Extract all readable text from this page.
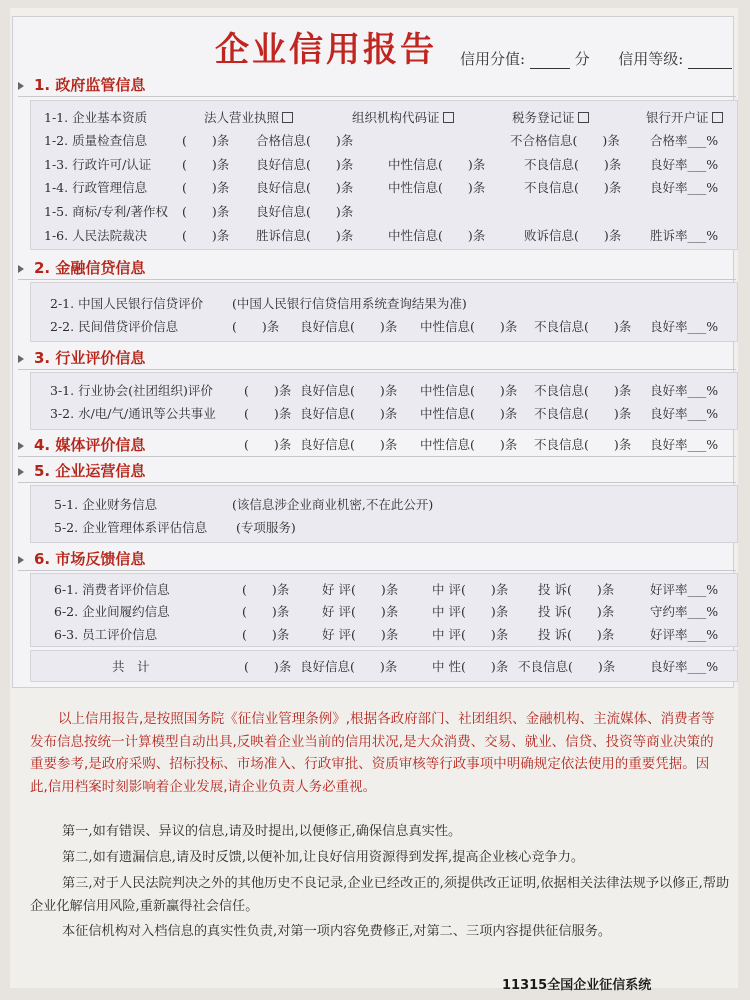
企业信用报告 信用分值:	分 信用等级:
1. 政府监管信息
1-1. 企业基本资质	法人营业执照	组织机构代码证	税务登记证	银行开户证
1-2. 质量检查信息	(　　)条 合格信息(　　)条	不合格信息(　　)条 合格率___%
1-3. 行政许可/认证 (　　)条 良好信息(　　)条	中性信息(　　)条	不良信息(　　)条 良好率___%
1-4. 行政管理信息	(　　)条 良好信息(　　)条	中性信息(　　)条	不良信息(　　)条 良好率___%
1-5. 商标/专利/著作权 (　　)条 良好信息(　　)条
1-6. 人民法院裁决	(　　)条 胜诉信息(　　)条	中性信息(　　)条	败诉信息(　　)条 胜诉率___%
2. 金融信贷信息
2-1. 中国人民银行信贷评价 (中国人民银行信贷信用系统查询结果为准)
2-2. 民间借贷评价信息	(　　)条 良好信息(　　)条 中性信息(　　)条 不良信息(　　)条 良好率___%
3. 行业评价信息
3-1. 行业协会(社团组织)评价 (　　)条 良好信息(　　)条 中性信息(　　)条 不良信息(　　)条 良好率___%
3-2. 水/电/气/通讯等公共事业 (　　)条 良好信息(　　)条 中性信息(　　)条 不良信息(　　)条 良好率___%
4. 媒体评价信息	(　　)条 良好信息(　　)条 中性信息(　　)条 不良信息(　　)条 良好率___%
5. 企业运营信息
5-1. 企业财务信息	(该信息涉企业商业机密,不在此公开)
5-2. 企业管理体系评估信息 (专项服务)
6. 市场反馈信息
6-1. 消费者评价信息	(　　)条	好 评(　　)条	中 评(　　)条 投 诉(　　)条	好评率___%
6-2. 企业间履约信息	(　　)条	好 评(　　)条	中 评(　　)条 投 诉(　　)条	守约率___%
6-3. 员工评价信息	(　　)条	好 评(　　)条	中 评(　　)条 投 诉(　　)条	好评率___%
共　计	(　　)条 良好信息(　　)条	中 性(　　)条 不良信息(　　)条	良好率___%
以上信用报告,是按照国务院《征信业管理条例》,根据各政府部门、社团组织、金融机构、主流媒体、消费者等发布信息按统一计算模型自动出具,反映着企业当前的信用状况,是大众消费、交易、就业、信贷、投资等商业决策的重要参考,是政府采购、招标投标、市场准入、行政审批、资质审核等行政事项中明确规定依法使用的重要凭据。因此,信用档案时刻影响着企业发展,请企业负责人务必重视。
第一,如有错误、异议的信息,请及时提出,以便修正,确保信息真实性。
第二,如有遗漏信息,请及时反馈,以便补加,让良好信用资源得到发挥,提高企业核心竞争力。
第三,对于人民法院判决之外的其他历史不良记录,企业已经改正的,须提供改正证明,依据相关法律法规予以修正,帮助企业化解信用风险,重新赢得社会信任。
本征信机构对入档信息的真实性负责,对第一项内容免费修正,对第二、三项内容提供征信服务。
11315全国企业征信系统
